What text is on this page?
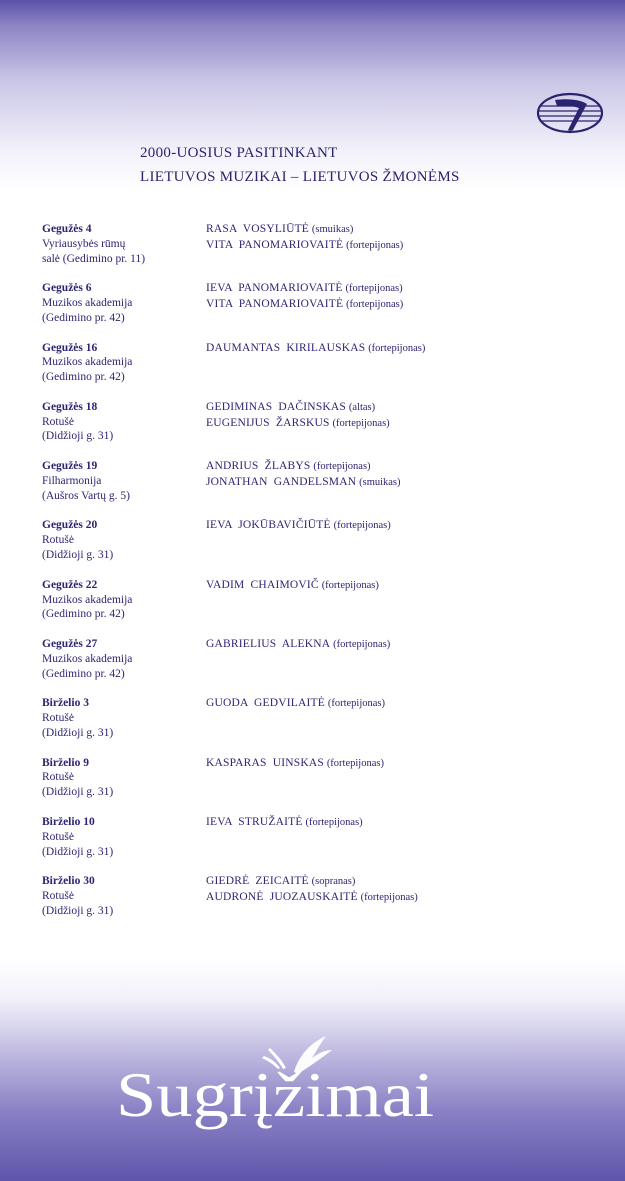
2000-UOSIUS PASITINKANT
LIETUVOS MUZIKAI – LIETUVOS ŽMONĖMS
Gegužės 4
Vyriausybės rūmų
salė (Gedimino pr. 11)
RASA VOSYLIŪTĖ (smuikas)
VITA PANOMARIOVAITĖ (fortepijonas)
Gegužės 6
Muzikos akademija
(Gedimino pr. 42)
IEVA PANOMARIOVAITĖ (fortepijonas)
VITA PANOMARIOVAITĖ (fortepijonas)
Gegužės 16
Muzikos akademija
(Gedimino pr. 42)
DAUMANTAS KIRILAUSKAS (fortepijonas)
Gegužės 18
Rotušė
(Didžioji g. 31)
GEDIMINAS DAČINSKAS (altas)
EUGENIJUS ŽARSKUS (fortepijonas)
Gegužės 19
Filharmonija
(Aušros Vartų g. 5)
ANDRIUS ŽLABYS (fortepijonas)
JONATHAN GANDELSMAN (smuikas)
Gegužės 20
Rotušė
(Didžioji g. 31)
IEVA JOKŪBAVIČIŪTĖ (fortepijonas)
Gegužės 22
Muzikos akademija
(Gedimino pr. 42)
VADIM CHAIMOVIČ (fortepijonas)
Gegužės 27
Muzikos akademija
(Gedimino pr. 42)
GABRIELIUS ALEKNA (fortepijonas)
Birželio 3
Rotušė
(Didžioji g. 31)
GUODA GEDVILAITĖ (fortepijonas)
Birželio 9
Rotušė
(Didžioji g. 31)
KASPARAS UINSKAS (fortepijonas)
Birželio 10
Rotušė
(Didžioji g. 31)
IEVA STRUŽAITĖ (fortepijonas)
Birželio 30
Rotušė
(Didžioji g. 31)
GIEDRĖ ZEICAITĖ (sopranas)
AUDRONĖ JUOZAUSKAITĖ (fortepijonas)
Sugrįžimai
